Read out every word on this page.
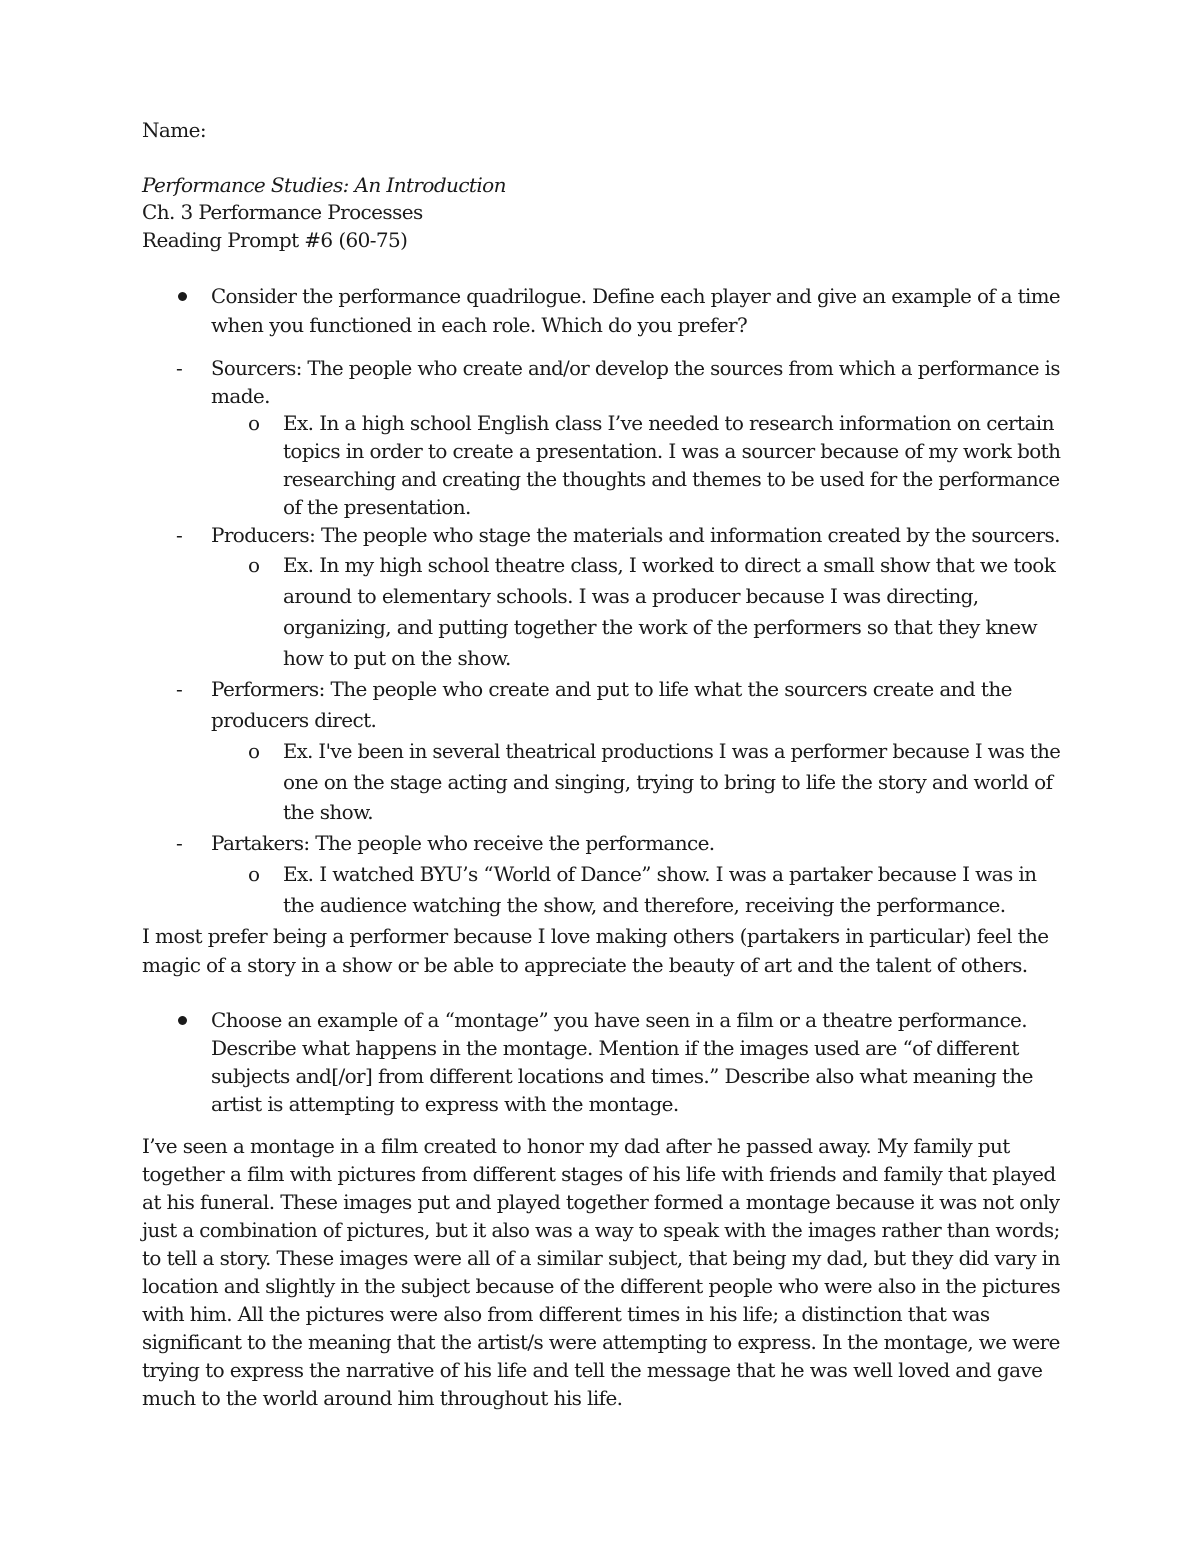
Name:
Performance Studies: An Introduction
Ch. 3 Performance Processes
Reading Prompt #6 (60-75)
Consider the performance quadrilogue. Define each player and give an example of a time
when you functioned in each role. Which do you prefer?
- Sourcers: The people who create and/or develop the sources from which a performance is
made.
o Ex. In a high school English class I’ve needed to research information on certain
topics in order to create a presentation. I was a sourcer because of my work both
researching and creating the thoughts and themes to be used for the performance
of the presentation.
- Producers: The people who stage the materials and information created by the sourcers.
o Ex. In my high school theatre class, I worked to direct a small show that we took
around to elementary schools. I was a producer because I was directing,
organizing, and putting together the work of the performers so that they knew
how to put on the show.
- Performers: The people who create and put to life what the sourcers create and the
producers direct.
o Ex. I've been in several theatrical productions I was a performer because I was the
one on the stage acting and singing, trying to bring to life the story and world of
the show.
- Partakers: The people who receive the performance.
o Ex. I watched BYU’s “World of Dance” show. I was a partaker because I was in
the audience watching the show, and therefore, receiving the performance.
I most prefer being a performer because I love making others (partakers in particular) feel the
magic of a story in a show or be able to appreciate the beauty of art and the talent of others.
Choose an example of a “montage” you have seen in a film or a theatre performance.
Describe what happens in the montage. Mention if the images used are “of different
subjects and[/or] from different locations and times.” Describe also what meaning the
artist is attempting to express with the montage.
I’ve seen a montage in a film created to honor my dad after he passed away. My family put
together a film with pictures from different stages of his life with friends and family that played
at his funeral. These images put and played together formed a montage because it was not only
just a combination of pictures, but it also was a way to speak with the images rather than words;
to tell a story. These images were all of a similar subject, that being my dad, but they did vary in
location and slightly in the subject because of the different people who were also in the pictures
with him. All the pictures were also from different times in his life; a distinction that was
significant to the meaning that the artist/s were attempting to express. In the montage, we were
trying to express the narrative of his life and tell the message that he was well loved and gave
much to the world around him throughout his life.
